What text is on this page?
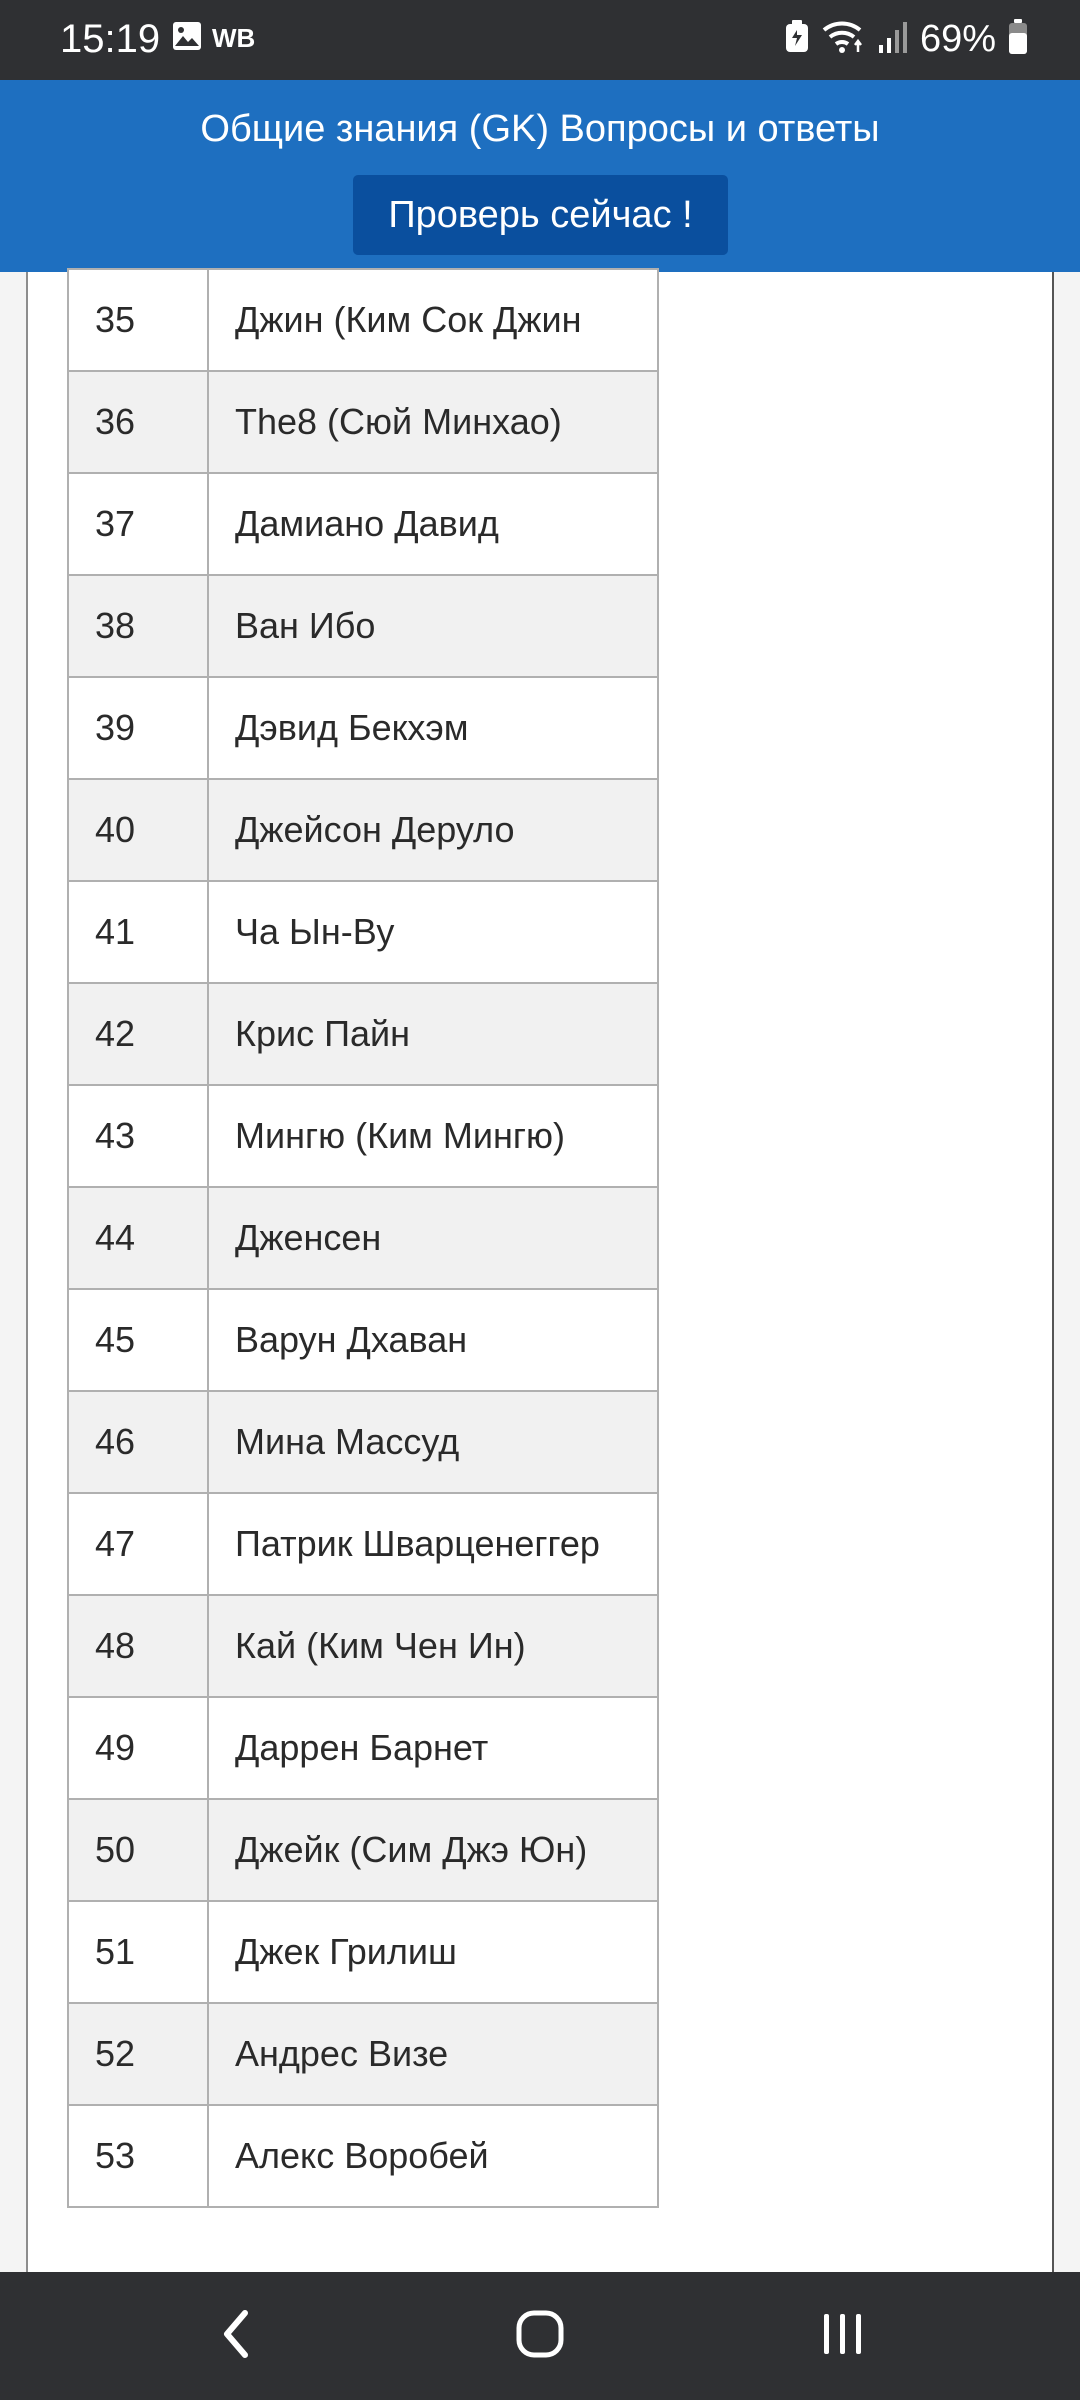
15:19 WB	69%
Общие знания (GK) Вопросы и ответы
Проверь сейчас !
35	Джин (Ким Сок Джин
36	The8 (Сюй Минхао)
37	Дамиано Давид
38	Ван Ибо
39	Дэвид Бекхэм
40	Джейсон Деруло
41	Ча Ын-Ву
42	Крис Пайн
43	Мингю (Ким Мингю)
44	Дженсен
45	Варун Дхаван
46	Мина Массуд
47	Патрик Шварценеггер
48	Кай (Ким Чен Ин)
49	Даррен Барнет
50	Джейк (Сим Джэ Юн)
51	Джек Грилиш
52	Андрес Визе
53	Алекс Воробей
